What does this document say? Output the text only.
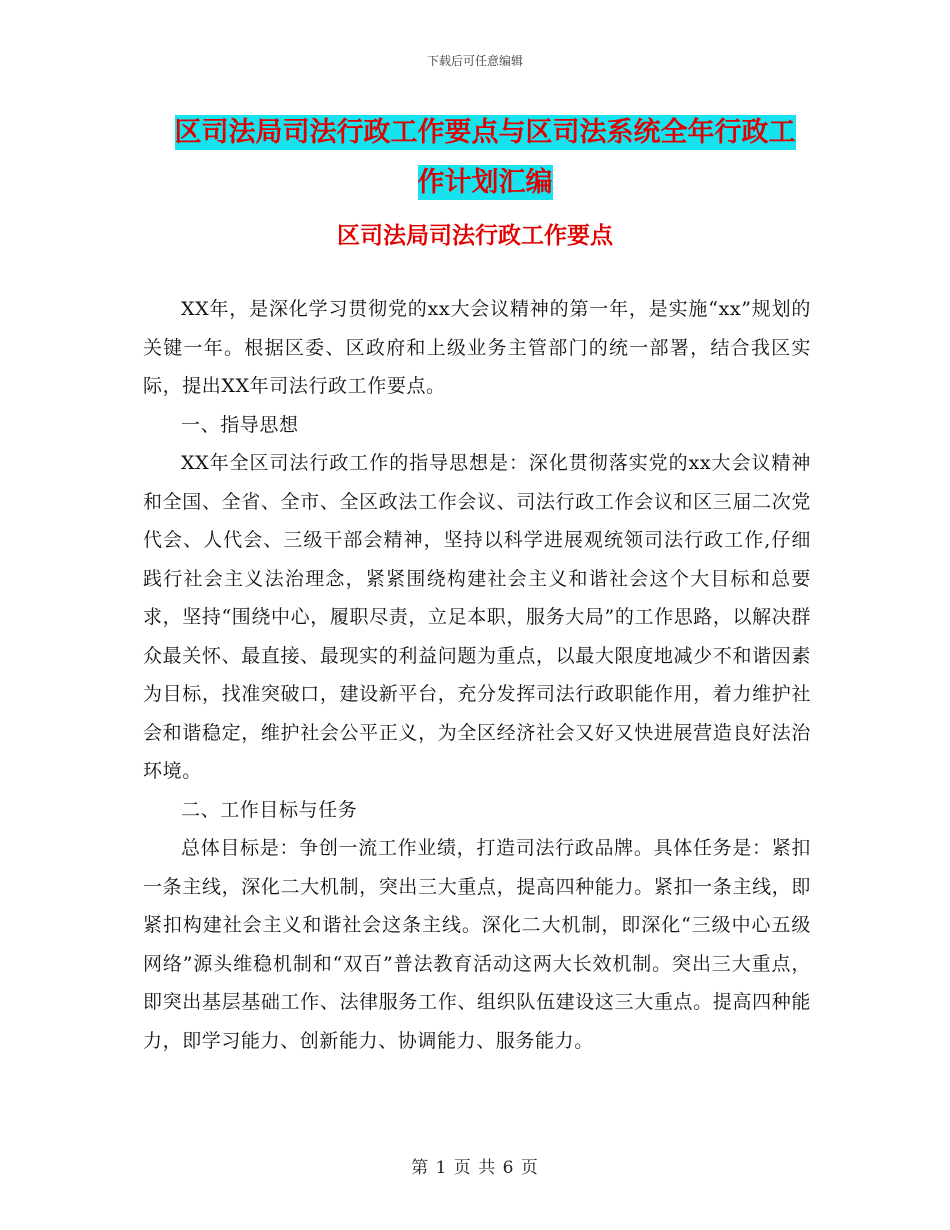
下载后可任意编辑
区司法局司法行政工作要点与区司法系统全年行政工
作计划汇编
区司法局司法行政工作要点

XX年，是深化学习贯彻党的xx大会议精神的第一年，是实施“xx”规划的关键一年。根据区委、区政府和上级业务主管部门的统一部署，结合我区实际，提出XX年司法行政工作要点。

一、指导思想

XX年全区司法行政工作的指导思想是：深化贯彻落实党的xx大会议精神和全国、全省、全市、全区政法工作会议、司法行政工作会议和区三届二次党代会、人代会、三级干部会精神，坚持以科学进展观统领司法行政工作,仔细践行社会主义法治理念，紧紧围绕构建社会主义和谐社会这个大目标和总要求，坚持“围绕中心，履职尽责，立足本职，服务大局”的工作思路，以解决群众最关怀、最直接、最现实的利益问题为重点，以最大限度地减少不和谐因素为目标，找准突破口，建设新平台，充分发挥司法行政职能作用，着力维护社会和谐稳定，维护社会公平正义，为全区经济社会又好又快进展营造良好法治环境。

二、工作目标与任务

总体目标是：争创一流工作业绩，打造司法行政品牌。具体任务是：紧扣一条主线，深化二大机制，突出三大重点，提高四种能力。紧扣一条主线，即紧扣构建社会主义和谐社会这条主线。深化二大机制，即深化“三级中心五级网络”源头维稳机制和“双百”普法教育活动这两大长效机制。突出三大重点，即突出基层基础工作、法律服务工作、组织队伍建设这三大重点。提高四种能力，即学习能力、创新能力、协调能力、服务能力。

第 1 页 共 6 页
